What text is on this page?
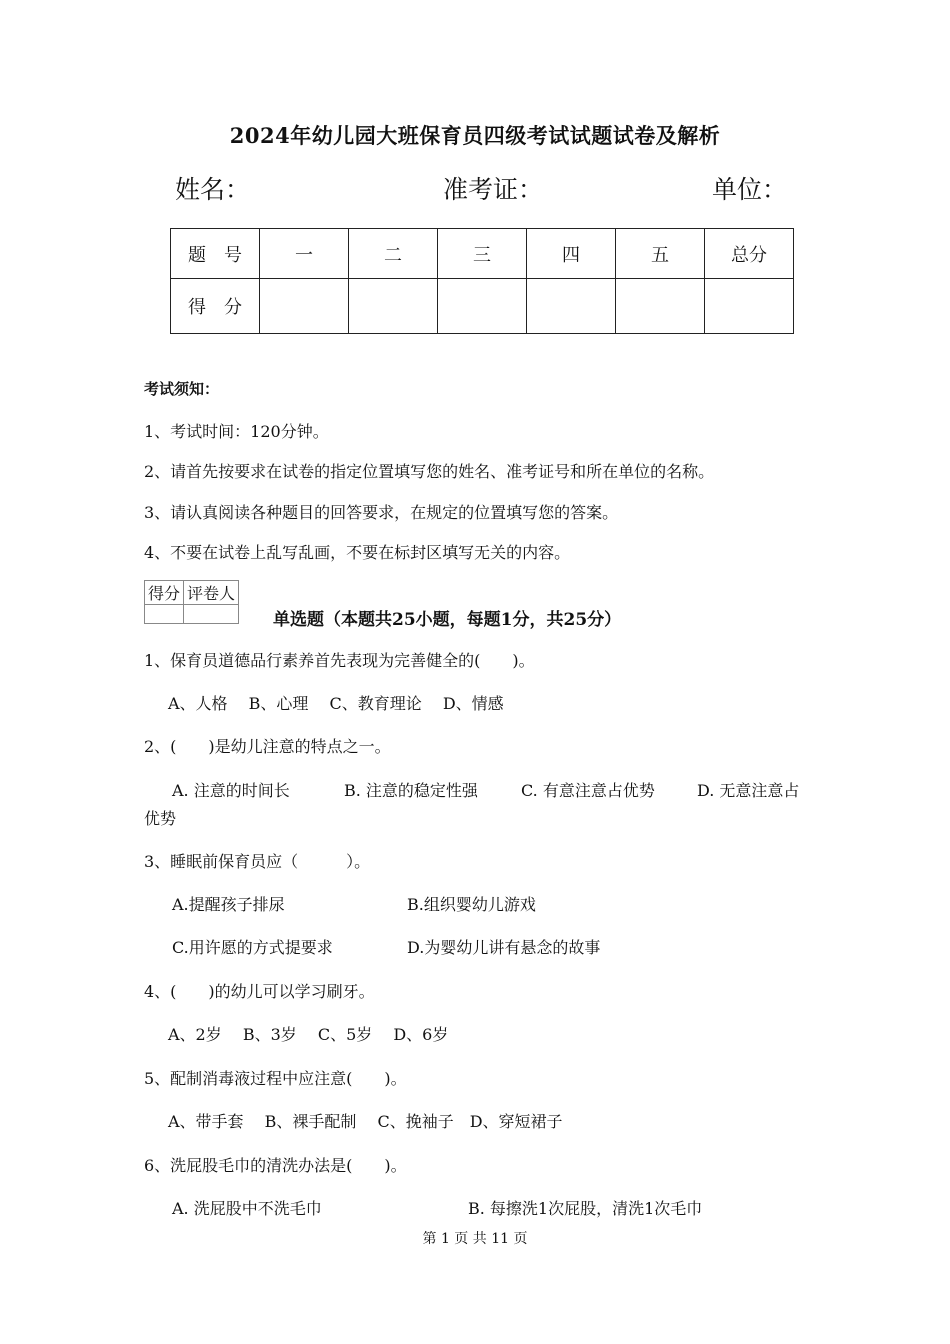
2024年幼儿园大班保育员四级考试试题试卷及解析
姓名：	准考证：	单位：
题　号	一	二	三	四	五	总分
得　分						
考试须知：
1、考试时间：120分钟。
2、请首先按要求在试卷的指定位置填写您的姓名、准考证号和所在单位的名称。
3、请认真阅读各种题目的回答要求，在规定的位置填写您的答案。
4、不要在试卷上乱写乱画，不要在标封区填写无关的内容。
得分	评卷人

单选题（本题共25小题，每题1分，共25分）
1、保育员道德品行素养首先表现为完善健全的(　　)。
A、人格　 B、心理　 C、教育理论　 D、情感
2、(　　)是幼儿注意的特点之一。
A. 注意的时间长	B. 注意的稳定性强	C. 有意注意占优势	D. 无意注意占
优势
3、睡眠前保育员应（　　　）。
A.提醒孩子排尿	B.组织婴幼儿游戏
C.用许愿的方式提要求	D.为婴幼儿讲有悬念的故事
4、(　　)的幼儿可以学习刷牙。
A、2岁　 B、3岁　 C、5岁　 D、6岁
5、配制消毒液过程中应注意(　　)。
A、带手套　 B、裸手配制　 C、挽袖子　D、穿短裙子
6、洗屁股毛巾的清洗办法是(　　)。
A. 洗屁股中不洗毛巾	B. 每擦洗1次屁股，清洗1次毛巾
第 1 页 共 11 页
